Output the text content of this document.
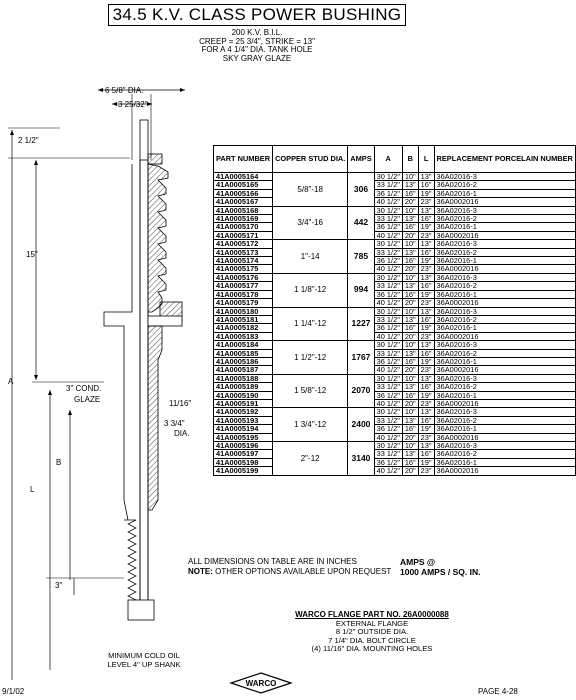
34.5 K.V. CLASS POWER BUSHING
200 K.V. B.I.L.
CREEP = 25 3/4", STRIKE = 13"
FOR A 4 1/4" DIA. TANK HOLE
SKY GRAY GLAZE
6 5/8" DIA.
3 25/32"
2 1/2"
15"
3" COND.
GLAZE	11/16"
3 3/4"
DIA.
A
B
L
3"
PART NUMBER	COPPER STUD DIA.	AMPS	A	B	L	REPLACEMENT PORCELAIN NUMBER
41A0005164	5/8"-18	306	30 1/2"	10"	13"	36A02016-3
41A0005165			33 1/2"	13"	16"	36A02016-2
41A0005166			36 1/2"	16"	19"	36A02016-1
41A0005167			40 1/2"	20"	23"	36A0002016
41A0005168	3/4"-16	442	30 1/2"	10"	13"	36A02016-3
41A0005169			33 1/2"	13"	16"	36A02016-2
41A0005170			36 1/2"	16"	19"	36A02016-1
41A0005171			40 1/2"	20"	23"	36A0002016
41A0005172	1"-14	785	30 1/2"	10"	13"	36A02016-3
41A0005173			33 1/2"	13"	16"	36A02016-2
41A0005174			36 1/2"	16"	19"	36A02016-1
41A0005175			40 1/2"	20"	23"	36A0002016
41A0005176	1 1/8"-12	994	30 1/2"	10"	13"	36A02016-3
41A0005177			33 1/2"	13"	16"	36A02016-2
41A0005178			36 1/2"	16"	19"	36A02016-1
41A0005179			40 1/2"	20"	23"	36A0002016
41A0005180	1 1/4"-12	1227	30 1/2"	10"	13"	36A02016-3
41A0005181			33 1/2"	13"	16"	36A02016-2
41A0005182			36 1/2"	16"	19"	36A02016-1
41A0005183			40 1/2"	20"	23"	36A0002016
41A0005184	1 1/2"-12	1767	30 1/2"	10"	13"	36A02016-3
41A0005185			33 1/2"	13"	16"	36A02016-2
41A0005186			36 1/2"	16"	19"	36A02016-1
41A0005187			40 1/2"	20"	23"	36A0002016
41A0005188	1 5/8"-12	2070	30 1/2"	10"	13"	36A02016-3
41A0005189			33 1/2"	13"	16"	36A02016-2
41A0005190			36 1/2"	16"	19"	36A02016-1
41A0005191			40 1/2"	20"	23"	36A0002016
41A0005192	1 3/4"-12	2400	30 1/2"	10"	13"	36A02016-3
41A0005193			33 1/2"	13"	16"	36A02016-2
41A0005194			36 1/2"	16"	19"	36A02016-1
41A0005195			40 1/2"	20"	23"	36A0002016
41A0005196	2"-12	3140	30 1/2"	10"	13"	36A02016-3
41A0005197			33 1/2"	13"	16"	36A02016-2
41A0005198			36 1/2"	16"	19"	36A02016-1
41A0005199			40 1/2"	20"	23"	36A0002016
ALL DIMENSIONS ON TABLE ARE IN INCHES
NOTE: OTHER OPTIONS AVAILABLE UPON REQUEST
AMPS @
1000 AMPS / SQ. IN.
WARCO FLANGE PART NO. 26A0000088
EXTERNAL FLANGE
8 1/2" OUTSIDE DIA.
7 1/4" DIA. BOLT CIRCLE
(4) 11/16" DIA. MOUNTING HOLES
MINIMUM COLD OIL
LEVEL 4" UP SHANK
WARCO
9/1/02	PAGE 4-28
